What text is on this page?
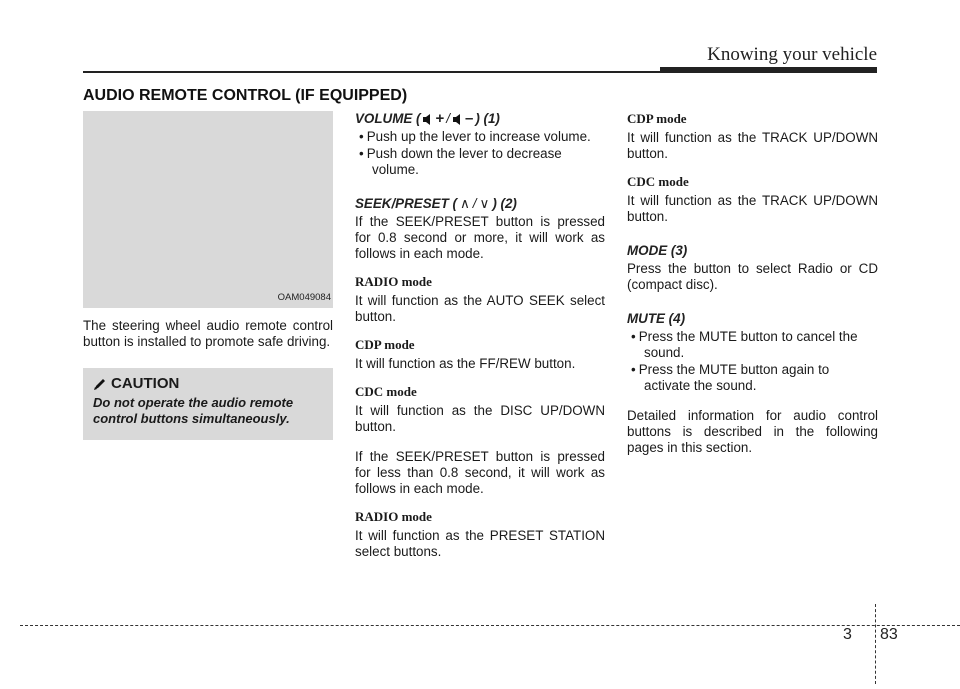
Knowing your vehicle
AUDIO REMOTE CONTROL (IF EQUIPPED)
OAM049084

The steering wheel audio remote control button is installed to promote safe driving.

CAUTION
Do not operate the audio remote control buttons simultaneously.
VOLUME ( + / – ) (1)
• Push up the lever to increase volume.
• Push down the lever to decrease volume.
SEEK/PRESET ( ∧ / ∨ ) (2)

If the SEEK/PRESET button is pressed for 0.8 second or more, it will work as follows in each mode.

RADIO mode

It will function as the AUTO SEEK select button.

CDP mode

It will function as the FF/REW button.

CDC mode

It will function as the DISC UP/DOWN button.

If the SEEK/PRESET button is pressed for less than 0.8 second, it will work as follows in each mode.

RADIO mode

It will function as the PRESET STATION select buttons.

CDP mode

It will function as the TRACK UP/DOWN button.

CDC mode

It will function as the TRACK UP/DOWN button.

MODE (3)

Press the button to select Radio or CD (compact disc).

MUTE (4)
• Press the MUTE button to cancel the sound.
• Press the MUTE button again to activate the sound.

Detailed information for audio control buttons is described in the following pages in this section.

3 83
